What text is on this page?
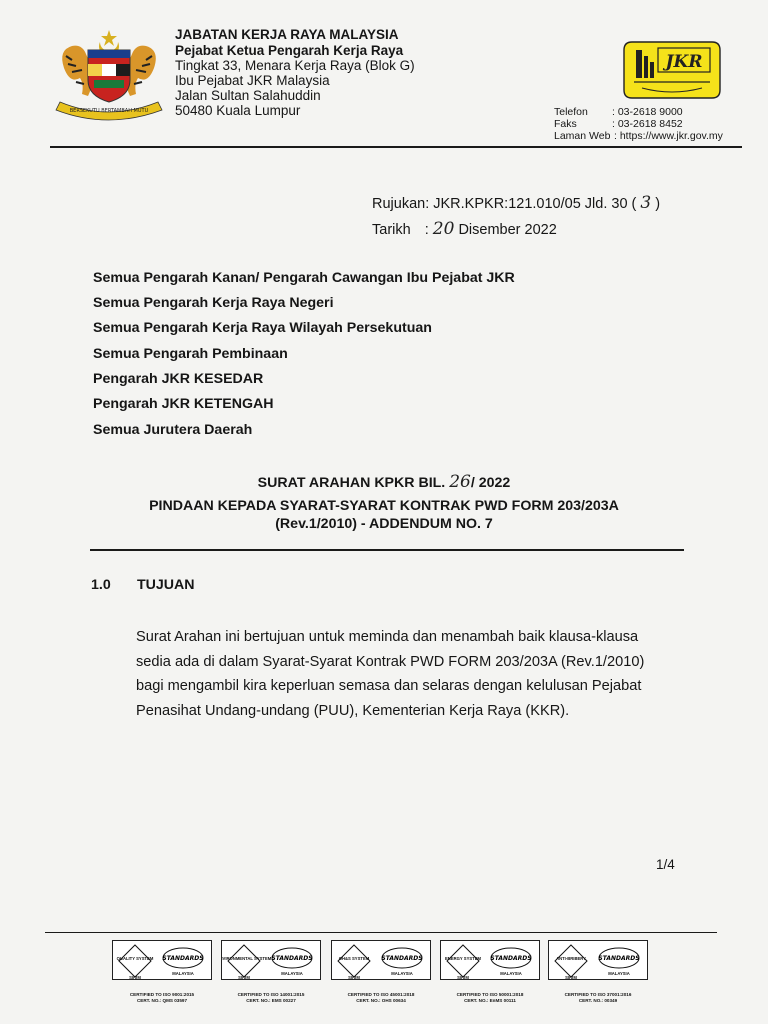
BERSEKUTU BERTAMBAH MUTU
JABATAN KERJA RAYA MALAYSIA
Pejabat Ketua Pengarah Kerja Raya
Tingkat 33, Menara Kerja Raya (Blok G)
Ibu Pejabat JKR Malaysia
Jalan Sultan Salahuddin
50480 Kuala Lumpur
JKR
Telefon : 03-2618 9000
Faks	: 03-2618 8452
Laman Web : https://www.jkr.gov.my
Rujukan: JKR.KPKR:121.010/05 Jld. 30 ( 3 )
Tarikh : 20 Disember 2022
Semua Pengarah Kanan/ Pengarah Cawangan Ibu Pejabat JKR
Semua Pengarah Kerja Raya Negeri
Semua Pengarah Kerja Raya Wilayah Persekutuan
Semua Pengarah Pembinaan
Pengarah JKR KESEDAR
Pengarah JKR KETENGAH
Semua Jurutera Daerah
SURAT ARAHAN KPKR BIL. 26/ 2022
PINDAAN KEPADA SYARAT-SYARAT KONTRAK PWD FORM 203/203A
(Rev.1/2010) - ADDENDUM NO. 7
1.0 TUJUAN
Surat Arahan ini bertujuan untuk meminda dan menambah baik klausa-klausa
sedia ada di dalam Syarat-Syarat Kontrak PWD FORM 203/203A (Rev.1/2010)
bagi mengambil kira keperluan semasa dan selaras dengan kelulusan Pejabat
Penasihat Undang-undang (PUU), Kementerian Kerja Raya (KKR).
1/4
QUALITY SYSTEM
SIRIM
STANDARDS
MALAYSIA
CERTIFIED TO ISO 9001:2015
CERT. NO.: QMS 03597
ENVIRONMENTAL SYSTEM
SIRIM
STANDARDS
MALAYSIA
CERTIFIED TO ISO 14001:2015
CERT. NO.: EMS 00227
OH&S SYSTEM
SIRIM
STANDARDS
MALAYSIA
CERTIFIED TO ISO 45001:2018
CERT. NO.: OHS 00634
ENERGY SYSTEM
SIRIM
STANDARDS
MALAYSIA
CERTIFIED TO ISO 50001:2018
CERT. NO.: EnMS 00111
ANTI-BRIBERY
SIRIM
STANDARDS
MALAYSIA
CERTIFIED TO ISO 37001:2016
CERT. NO.: 00349
